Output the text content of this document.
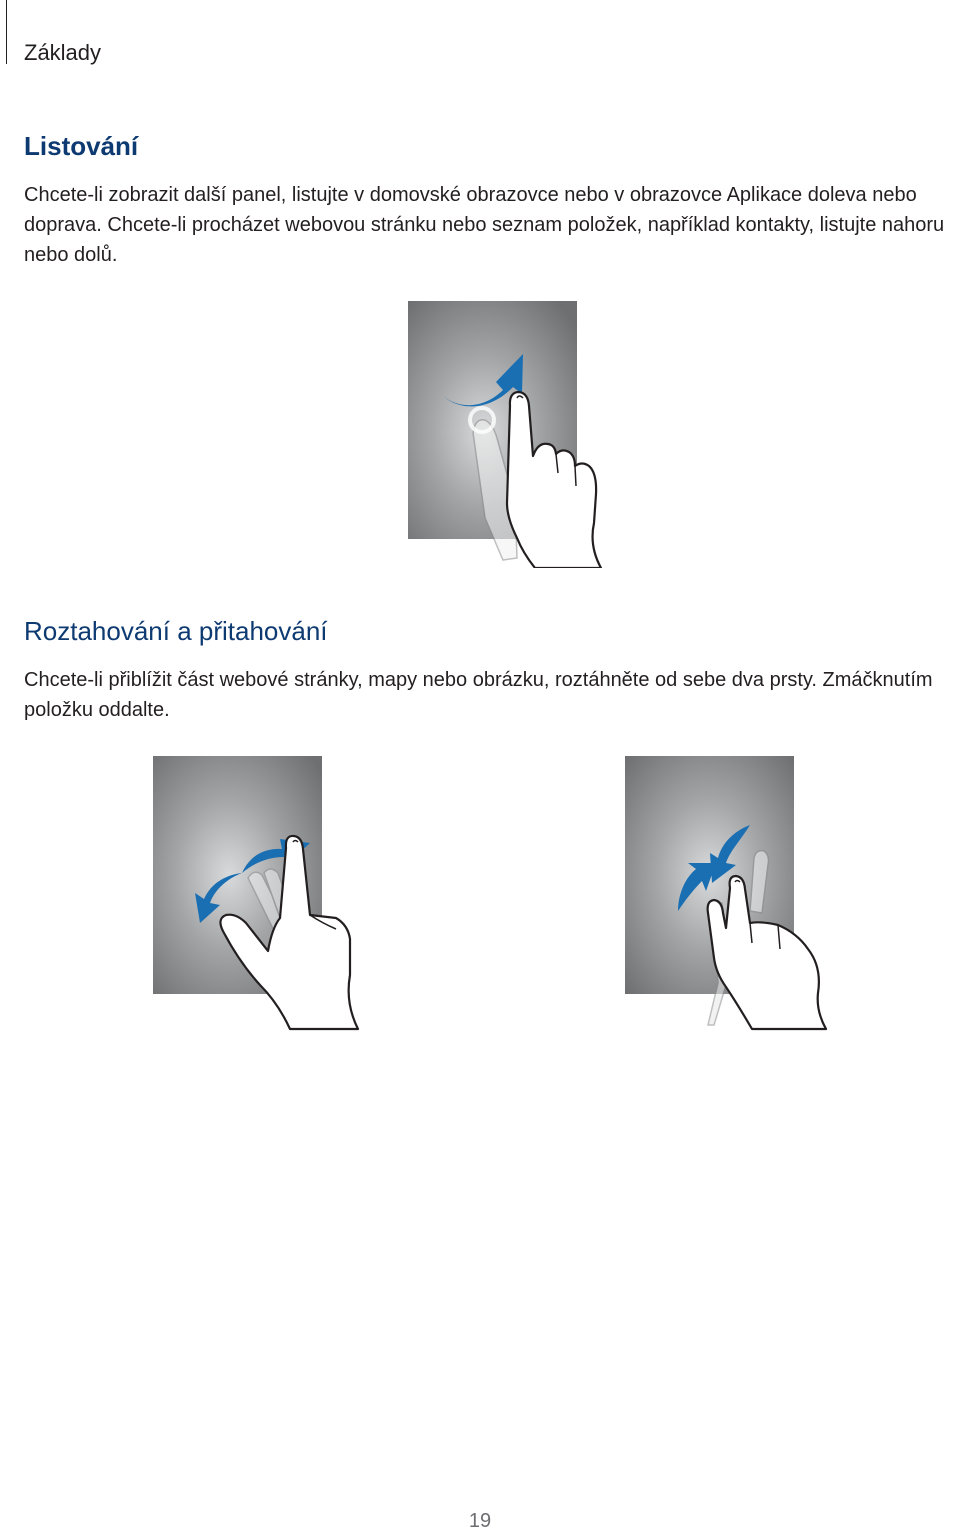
Základy
Listování

Chcete-li zobrazit další panel, listujte v domovské obrazovce nebo v obrazovce Aplikace doleva nebo doprava. Chcete-li procházet webovou stránku nebo seznam položek, například kontakty, listujte nahoru nebo dolů.

Roztahování a přitahování

Chcete-li přiblížit část webové stránky, mapy nebo obrázku, roztáhněte od sebe dva prsty. Zmáčknutím položku oddalte.

19
